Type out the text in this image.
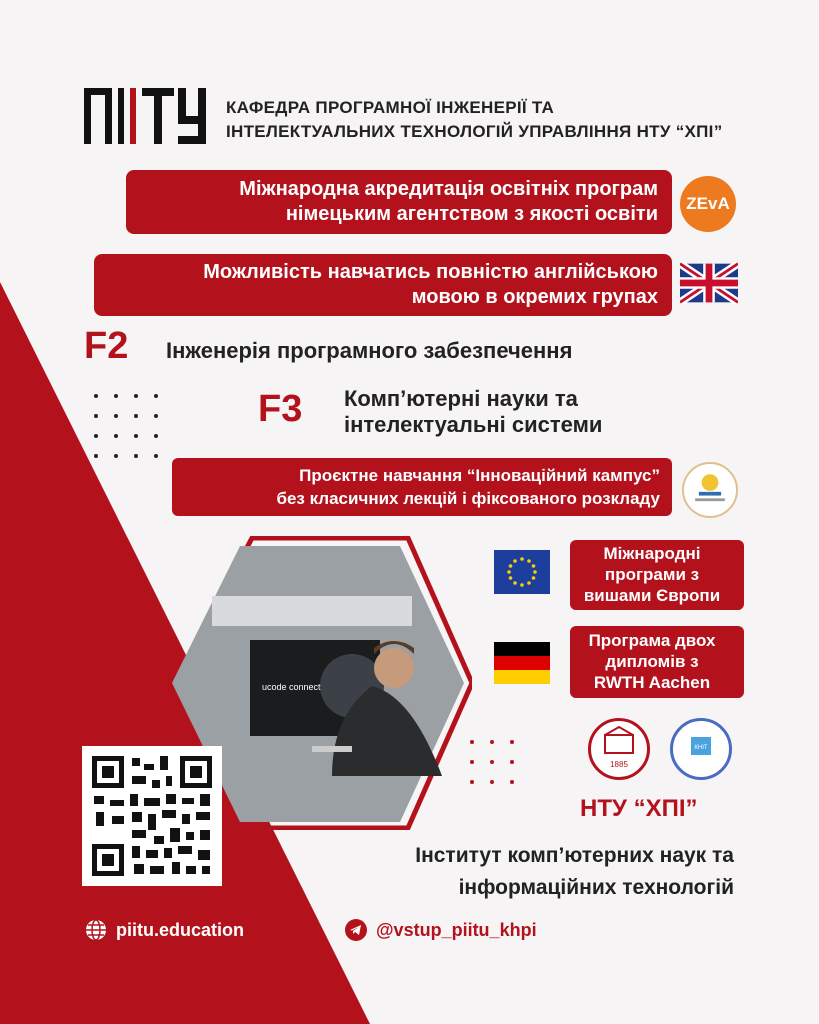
КАФЕДРА ПРОГРАМНОЇ ІНЖЕНЕРІЇ ТА
ІНТЕЛЕКТУАЛЬНИХ ТЕХНОЛОГІЙ УПРАВЛІННЯ НТУ “ХПІ”
Міжнародна акредитація освітніх програм
німецьким агентством з якості освіти	ZEvA
Можливість навчатись повністю англійською
мовою в окремих групах
F2 Інженерія програмного забезпечення
F3 Комп’ютерні науки та
інтелектуальні системи
Проєктне навчання “Інноваційний кампус”
без класичних лекцій і фіксованого розкладу
ucode connect
Міжнародні
програми з
вишами Європи
Програма двох
дипломів з
RWTH Aachen
1885
КНІТ
НТУ “ХПІ”
Інститут комп’ютерних наук та
інформаційних технологій
piitu.education	@vstup_piitu_khpi
